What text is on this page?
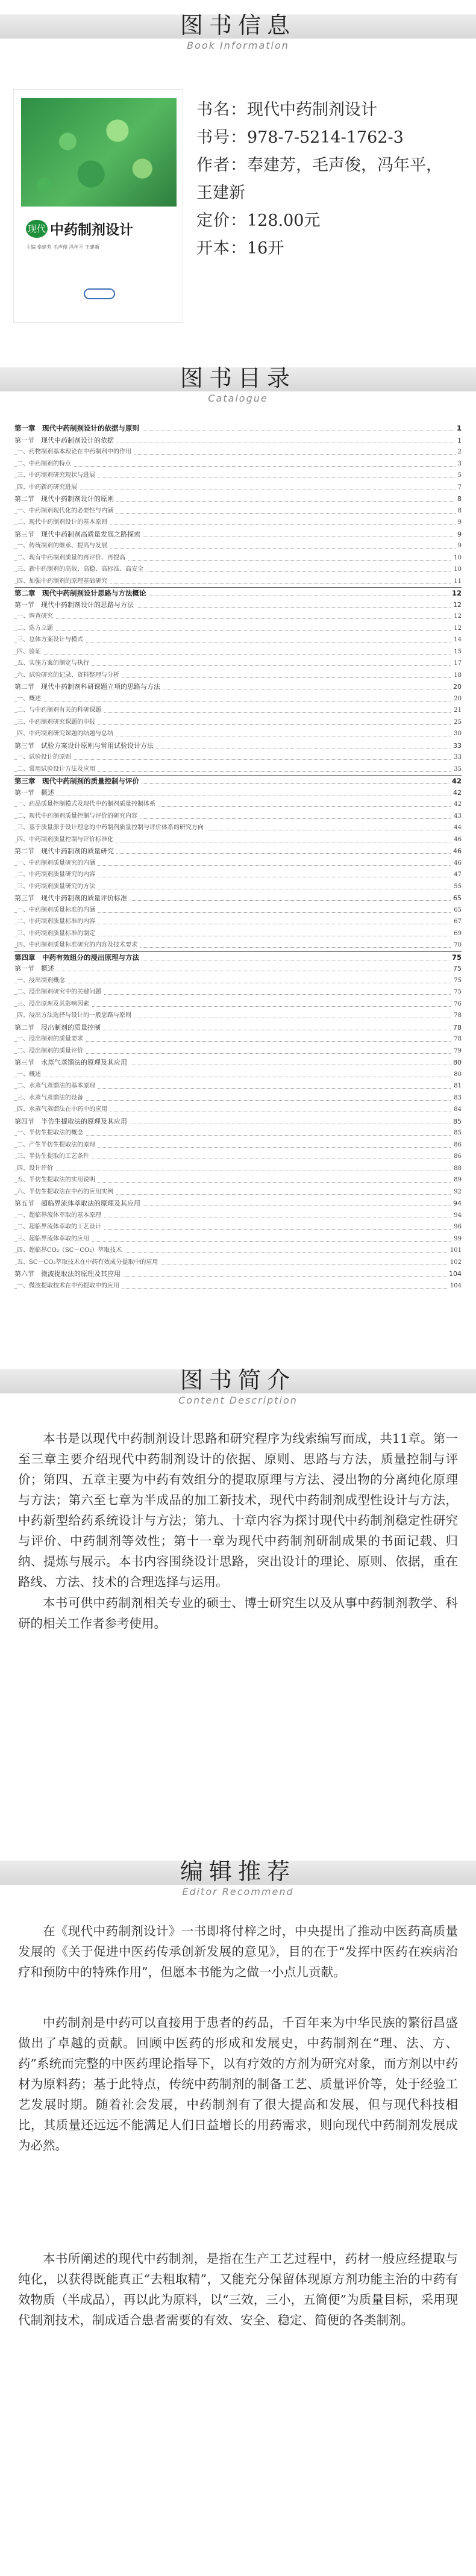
图书信息
Book Information
现代 中药制剂设计
主编 奉建芳 毛声俊 冯年平 王建新
书名：现代中药制剂设计
书号：978-7-5214-1762-3
作者：奉建芳，毛声俊，冯年平，
王建新
定价：128.00元
开本：16开
图书目录
Catalogue
第一章　现代中药制剂设计的依据与原则	1
第一节　现代中药制剂设计的依据	1
一、药物制剂基本理论在中药制剂中的作用	2
二、中药制剂的特点	3
三、中药制剂研究现状与进展	5
四、中药新药研究进展	7
第二节　现代中药制剂设计的原则	8
一、中药制剂现代化的必要性与内涵	8
二、现代中药制剂设计的基本原则	9
第三节　现代中药制剂高质量发展之路探索	9
一、传统制剂的继承、提高与发展	9
二、现有中药制剂质量的再评价、再提高	10
三、新中药制剂的高效、高稳、高标准、高安全	10
四、加强中药制剂的原理基础研究	11
第二章　现代中药制剂设计思路与方法概论	12
第一节　现代中药制剂设计的思路与方法	12
一、调查研究	12
二、选方立题	12
三、总体方案设计与模式	14
四、验证	15
五、实施方案的制定与执行	17
六、试验研究的记录、资料整理与分析	18
第二节　现代中药制剂科研课题立项的思路与方法	20
一、概述	20
二、与中药制剂有关的科研课题	21
三、中药制剂研究课题的申报	25
四、中药制剂研究课题的结题与总结	30
第三节　试验方案设计原则与常用试验设计方法	33
一、试验设计的原则	33
二、常用试验设计方法及应用	35
第三章　现代中药制剂的质量控制与评价	42
第一节　概述	42
一、药品质量控制模式及现代中药制剂质量控制体系	42
二、现代中药制剂质量控制与评价的研究内容	43
三、基于质量源于设计理念的中药制剂质量控制与评价体系的研究方向	44
四、中药制剂质量控制与评价标准化	46
第二节　现代中药制剂的质量研究	46
一、中药制剂质量研究的内涵	46
二、中药制剂质量研究的内容	47
三、中药制剂质量研究的方法	55
第三节　现代中药制剂的质量评价标准	65
一、中药制剂质量标准的内涵	65
二、中药制剂质量标准的内容	67
三、中药制剂质量标准的制定	69
四、中药制剂质量标准研究的内容及技术要求	70
第四章　中药有效组分的浸出原理与方法	75
第一节　概述	75
一、浸出制剂概念	75
二、浸出制剂研究中的关键问题	75
三、浸出原理及其影响因素	76
四、浸出方法选择与设计的一般思路与原则	78
第二节　浸出制剂的质量控制	78
一、浸出制剂的质量要求	78
二、浸出制剂的质量评价	79
第三节　水蒸气蒸馏法的原理及其应用	80
一、概述	80
二、水蒸气蒸馏法的基本原理	81
三、水蒸气蒸馏法的设备	83
四、水蒸气蒸馏法在中药中的应用	84
第四节　半仿生提取法的原理及其应用	85
一、半仿生提取法的概念	85
二、产生半仿生提取法的原理	86
三、半仿生提取的工艺条件	86
四、设计评价	88
五、半仿生提取法的实用说明	89
六、半仿生提取法在中药的应用实例	92
第五节　超临界流体萃取法的原理及其应用	94
一、超临界流体萃取的基本原理	94
二、超临界流体萃取的工艺设计	96
三、超临界流体萃取的应用	99
四、超临界CO₂（SC－CO₂）萃取技术	101
五、SC－CO₂萃取技术在中药有效成分提取中的应用	102
第六节　微波提取法的原理及其应用	104
一、微波提取技术在中药提取中的应用	104
图书简介
Content Description
本书是以现代中药制剂设计思路和研究程序为线索编写而成，共11章。第一至三章主要介绍现代中药制剂设计的依据、原则、思路与方法，质量控制与评价；第四、五章主要为中药有效组分的提取原理与方法、浸出物的分离纯化原理与方法；第六至七章为半成品的加工新技术，现代中药制剂成型性设计与方法，中药新型给药系统设计与方法；第九、十章内容为探讨现代中药制剂稳定性研究与评价、中药制剂等效性；第十一章为现代中药制剂研制成果的书面记载、归纳、提炼与展示。本书内容围绕设计思路，突出设计的理论、原则、依据，重在路线、方法、技术的合理选择与运用。
本书可供中药制剂相关专业的硕士、博士研究生以及从事中药制剂教学、科研的相关工作者参考使用。
编辑推荐
Editor Recommend
在《现代中药制剂设计》一书即将付梓之时，中央提出了推动中医药高质量发展的《关于促进中医药传承创新发展的意见》，目的在于“发挥中医药在疾病治疗和预防中的特殊作用”，但愿本书能为之做一小点儿贡献。
中药制剂是中药可以直接用于患者的药品，千百年来为中华民族的繁衍昌盛做出了卓越的贡献。回顾中医药的形成和发展史，中药制剂在“理、法、方、药”系统而完整的中医药理论指导下，以有疗效的方剂为研究对象，而方剂以中药材为原料药；基于此特点，传统中药制剂的制备工艺、质量评价等，处于经验工艺发展时期。随着社会发展，中药制剂有了很大提高和发展，但与现代科技相比，其质量还远远不能满足人们日益增长的用药需求，则向现代中药制剂发展成为必然。
本书所阐述的现代中药制剂，是指在生产工艺过程中，药材一般应经提取与纯化，以获得既能真正“去粗取精”，又能充分保留体现原方剂功能主治的中药有效物质（半成品），再以此为原料，以“三效，三小，五简便”为质量目标，采用现代制剂技术，制成适合患者需要的有效、安全、稳定、简便的各类制剂。
